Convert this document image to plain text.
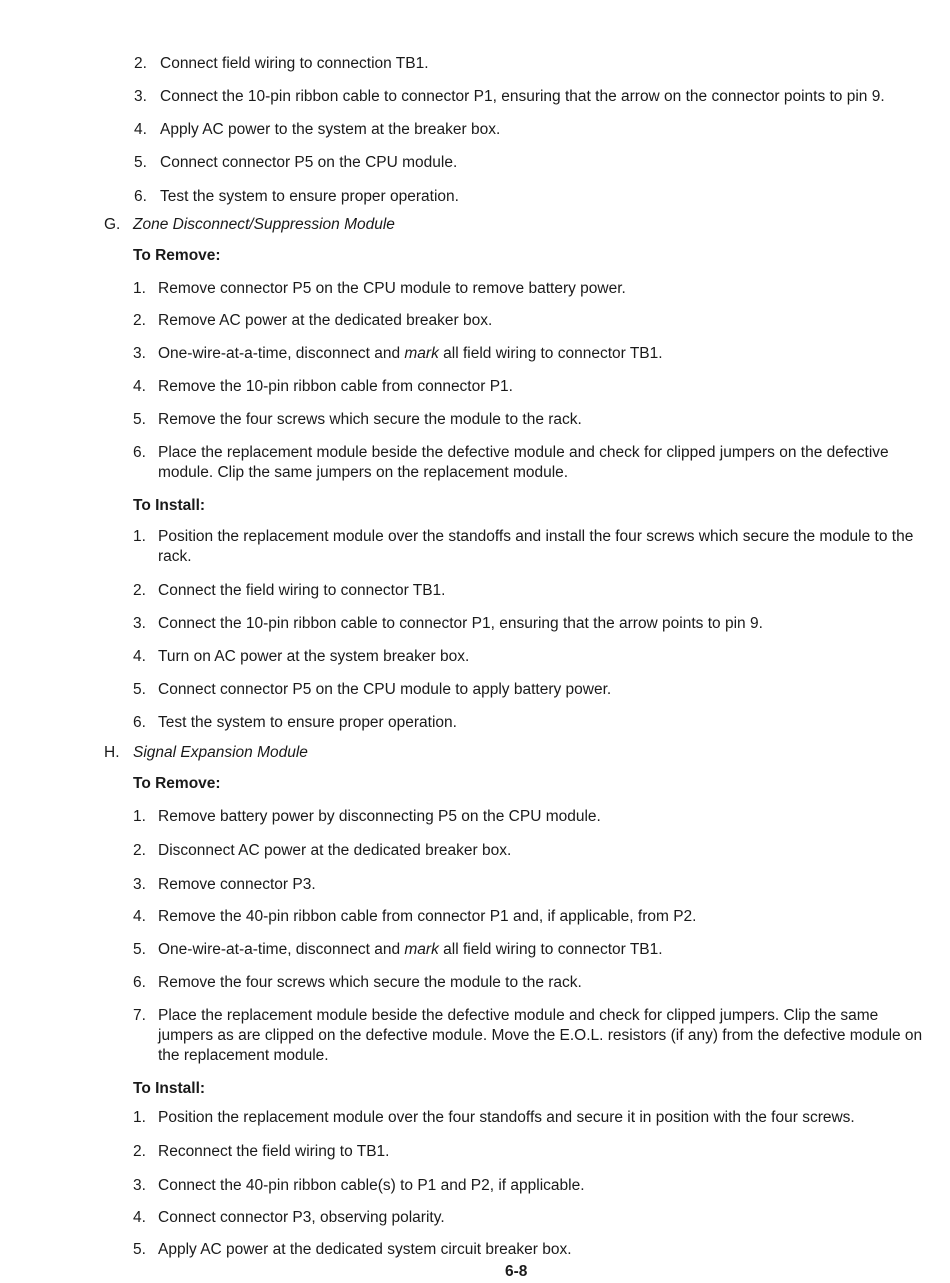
2. Connect field wiring to connection TB1.
3. Connect the 10-pin ribbon cable to connector P1, ensuring that the arrow on the connector points to pin 9.
4. Apply AC power to the system at the breaker box.
5. Connect connector P5 on the CPU module.
6. Test the system to ensure proper operation.
G. Zone Disconnect/Suppression Module
To Remove:
1. Remove connector P5 on the CPU module to remove battery power.
2. Remove AC power at the dedicated breaker box.
3. One-wire-at-a-time, disconnect and mark all field wiring to connector TB1.
4. Remove the 10-pin ribbon cable from connector P1.
5. Remove the four screws which secure the module to the rack.
6. Place the replacement module beside the defective module and check for clipped jumpers on the defective module. Clip the same jumpers on the replacement module.
To Install:
1. Position the replacement module over the standoffs and install the four screws which secure the module to the rack.
2. Connect the field wiring to connector TB1.
3. Connect the 10-pin ribbon cable to connector P1, ensuring that the arrow points to pin 9.
4. Turn on AC power at the system breaker box.
5. Connect connector P5 on the CPU module to apply battery power.
6. Test the system to ensure proper operation.
H. Signal Expansion Module
To Remove:
1. Remove battery power by disconnecting P5 on the CPU module.
2. Disconnect AC power at the dedicated breaker box.
3. Remove connector P3.
4. Remove the 40-pin ribbon cable from connector P1 and, if applicable, from P2.
5. One-wire-at-a-time, disconnect and mark all field wiring to connector TB1.
6. Remove the four screws which secure the module to the rack.
7. Place the replacement module beside the defective module and check for clipped jumpers. Clip the same jumpers as are clipped on the defective module. Move the E.O.L. resistors (if any) from the defective module on the replacement module.
To Install:
1. Position the replacement module over the four standoffs and secure it in position with the four screws.
2. Reconnect the field wiring to TB1.
3. Connect the 40-pin ribbon cable(s) to P1 and P2, if applicable.
4. Connect connector P3, observing polarity.
5. Apply AC power at the dedicated system circuit breaker box.
6-8
